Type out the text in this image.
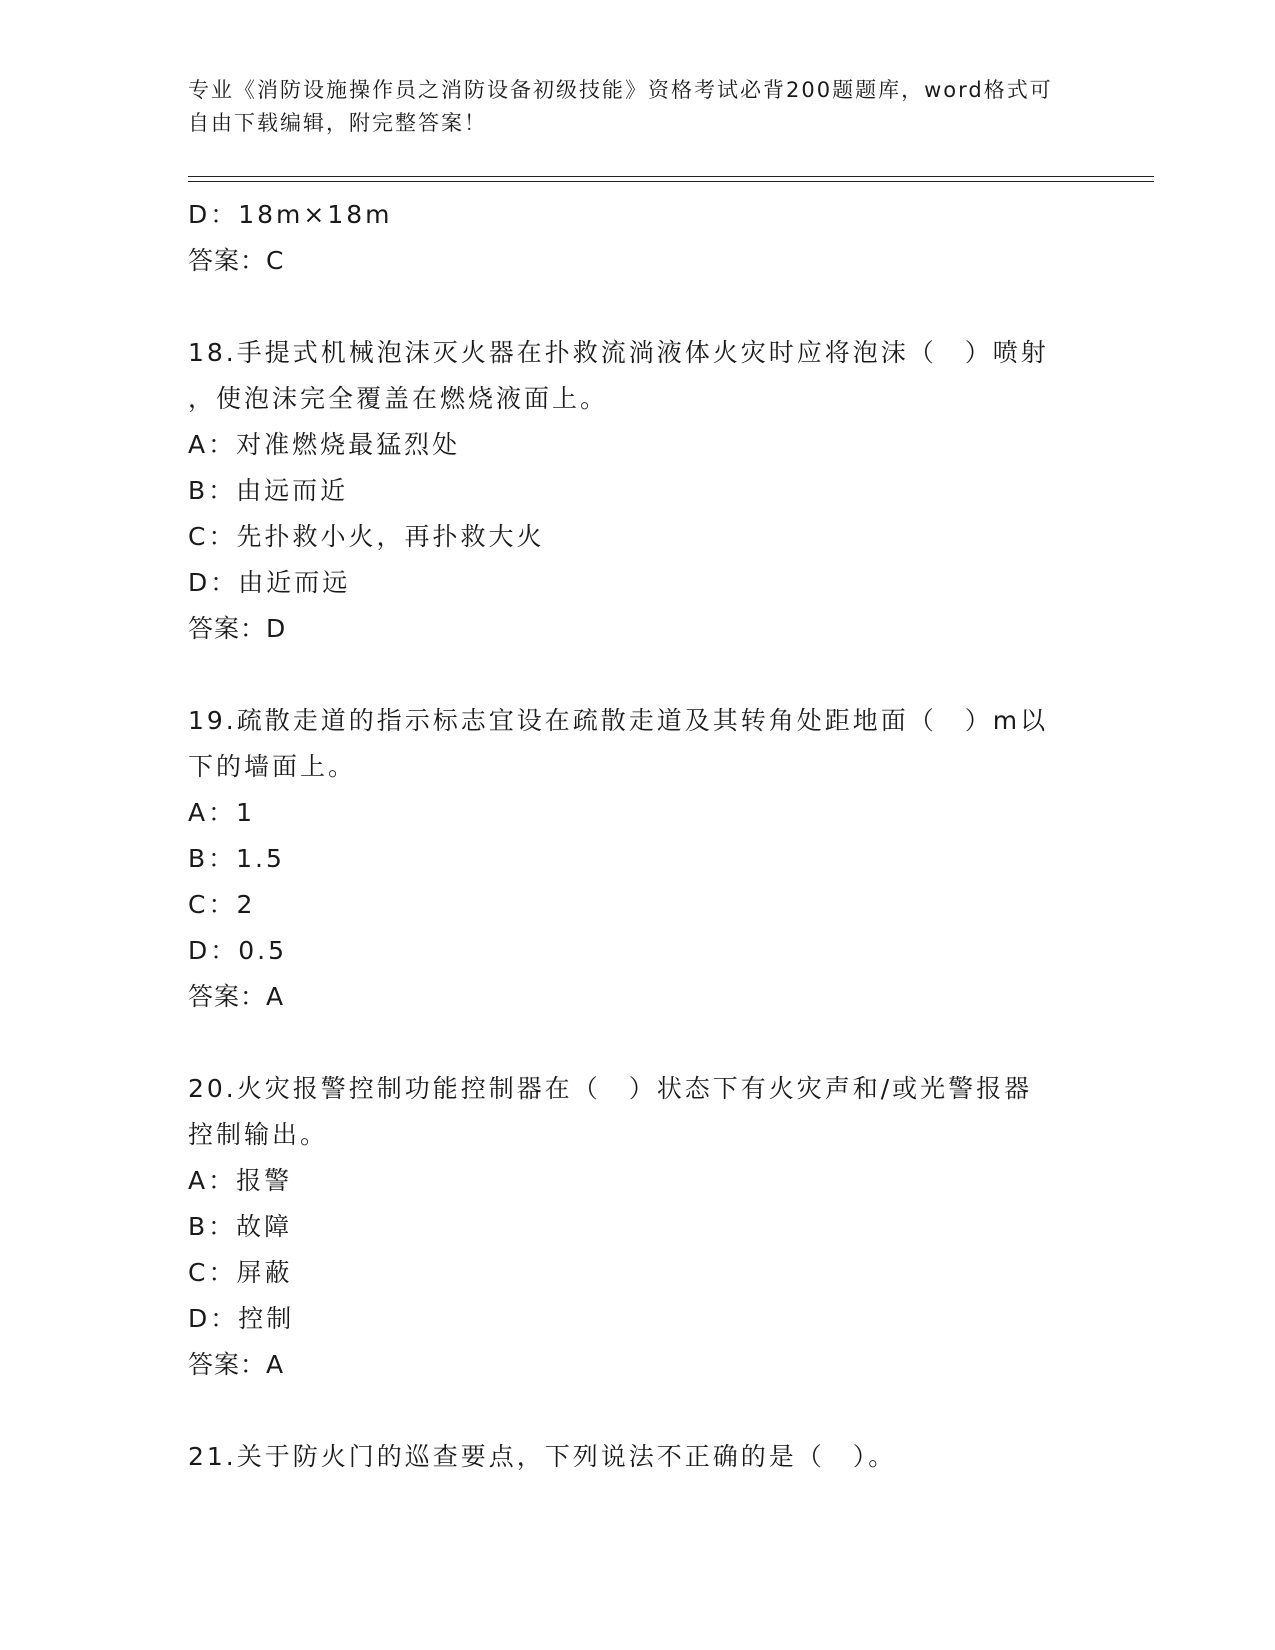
专业《消防设施操作员之消防设备初级技能》资格考试必背200题题库，word格式可自由下载编辑，附完整答案！
D：18m×18m
答案：C
18.手提式机械泡沫灭火器在扑救流淌液体火灾时应将泡沫（　）喷射
，使泡沫完全覆盖在燃烧液面上。
A：对准燃烧最猛烈处
B：由远而近
C：先扑救小火，再扑救大火
D：由近而远
答案：D
19.疏散走道的指示标志宜设在疏散走道及其转角处距地面（　）m以
下的墙面上。
A：1
B：1.5
C：2
D：0.5
答案：A
20.火灾报警控制功能控制器在（　）状态下有火灾声和/或光警报器
控制输出。
A：报警
B：故障
C：屏蔽
D：控制
答案：A
21.关于防火门的巡查要点，下列说法不正确的是（　）。
